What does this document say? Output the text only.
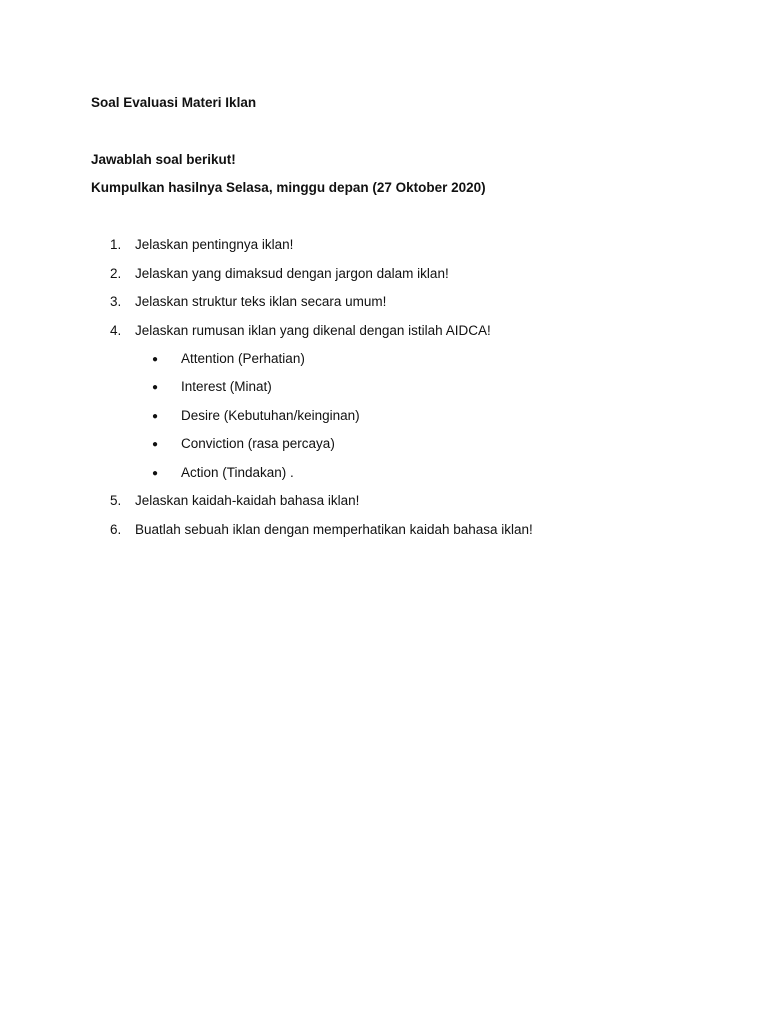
Soal Evaluasi Materi Iklan
Jawablah soal berikut!
Kumpulkan hasilnya Selasa, minggu depan (27 Oktober 2020)
1. Jelaskan pentingnya iklan!
2. Jelaskan yang dimaksud dengan jargon dalam iklan!
3. Jelaskan struktur teks iklan secara umum!
4. Jelaskan rumusan iklan yang dikenal dengan istilah AIDCA!
● Attention (Perhatian)
● Interest (Minat)
● Desire (Kebutuhan/keinginan)
● Conviction (rasa percaya)
● Action (Tindakan) .
5. Jelaskan kaidah-kaidah bahasa iklan!
6. Buatlah sebuah iklan dengan memperhatikan kaidah bahasa iklan!
